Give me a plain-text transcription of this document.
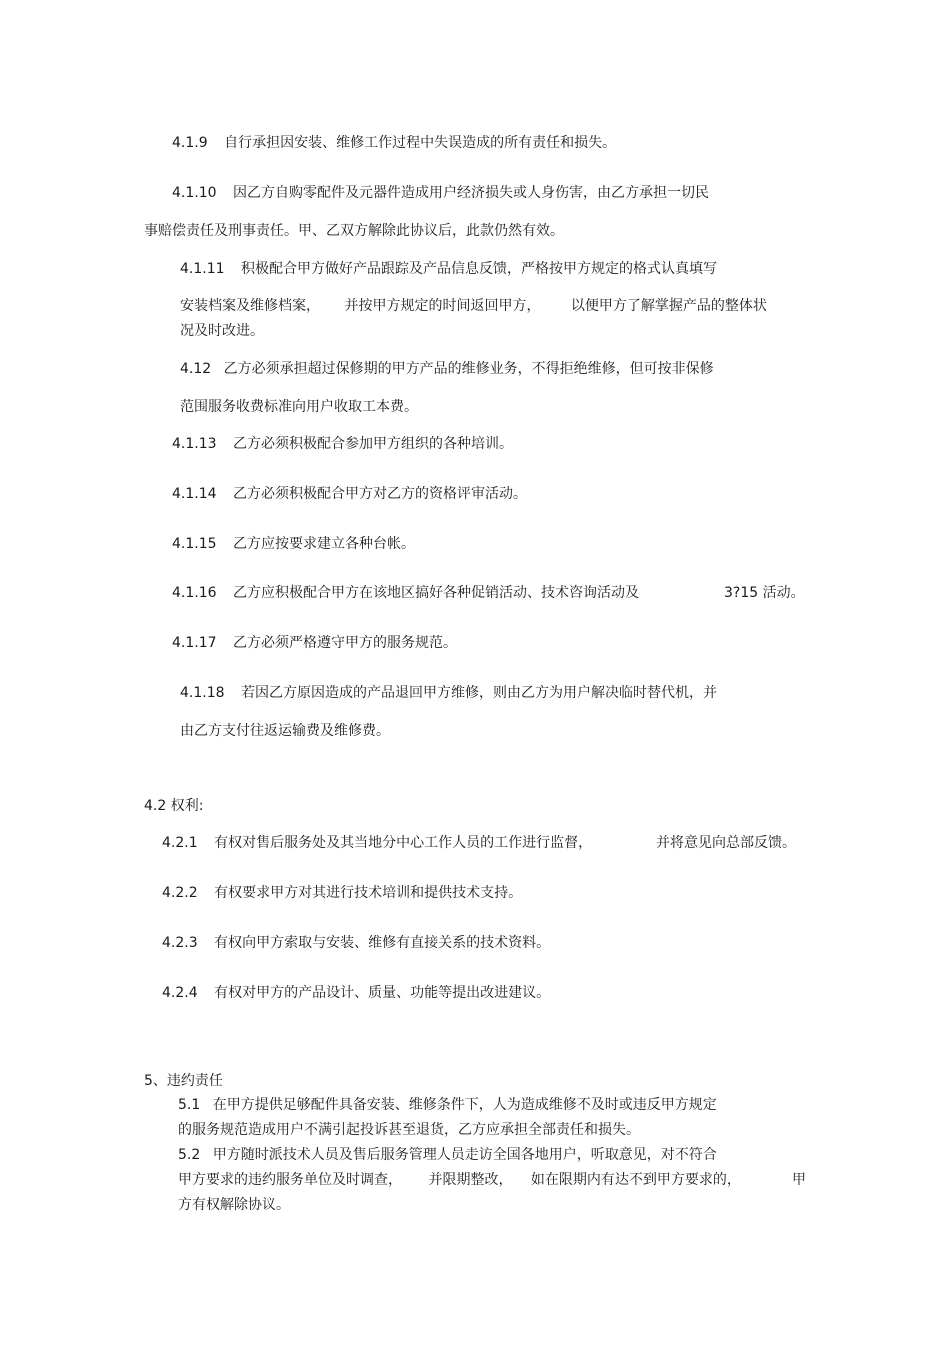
4.1.9 自行承担因安装、维修工作过程中失误造成的所有责任和损失。
4.1.10 因乙方自购零配件及元器件造成用户经济损失或人身伤害，由乙方承担一切民
事赔偿责任及刑事责任。甲、乙双方解除此协议后，此款仍然有效。
4.1.11 积极配合甲方做好产品跟踪及产品信息反馈，严格按甲方规定的格式认真填写
安装档案及维修档案， 并按甲方规定的时间返回甲方， 以便甲方了解掌握产品的整体状
况及时改进。
4.12 乙方必须承担超过保修期的甲方产品的维修业务，不得拒绝维修，但可按非保修
范围服务收费标准向用户收取工本费。
4.1.13 乙方必须积极配合参加甲方组织的各种培训。
4.1.14 乙方必须积极配合甲方对乙方的资格评审活动。
4.1.15 乙方应按要求建立各种台帐。
4.1.16 乙方应积极配合甲方在该地区搞好各种促销活动、技术咨询活动及	3?15 活动。
4.1.17 乙方必须严格遵守甲方的服务规范。
4.1.18 若因乙方原因造成的产品退回甲方维修，则由乙方为用户解决临时替代机，并
由乙方支付往返运输费及维修费。
4.2 权利:
4.2.1 有权对售后服务处及其当地分中心工作人员的工作进行监督，	并将意见向总部反馈。
4.2.2 有权要求甲方对其进行技术培训和提供技术支持。
4.2.3 有权向甲方索取与安装、维修有直接关系的技术资料。
4.2.4 有权对甲方的产品设计、质量、功能等提出改进建议。
5、违约责任
5.1 在甲方提供足够配件具备安装、维修条件下，人为造成维修不及时或违反甲方规定
的服务规范造成用户不满引起投诉甚至退货，乙方应承担全部责任和损失。
5.2 甲方随时派技术人员及售后服务管理人员走访全国各地用户，听取意见，对不符合
甲方要求的违约服务单位及时调查， 并限期整改， 如在限期内有达不到甲方要求的，	甲
方有权解除协议。
